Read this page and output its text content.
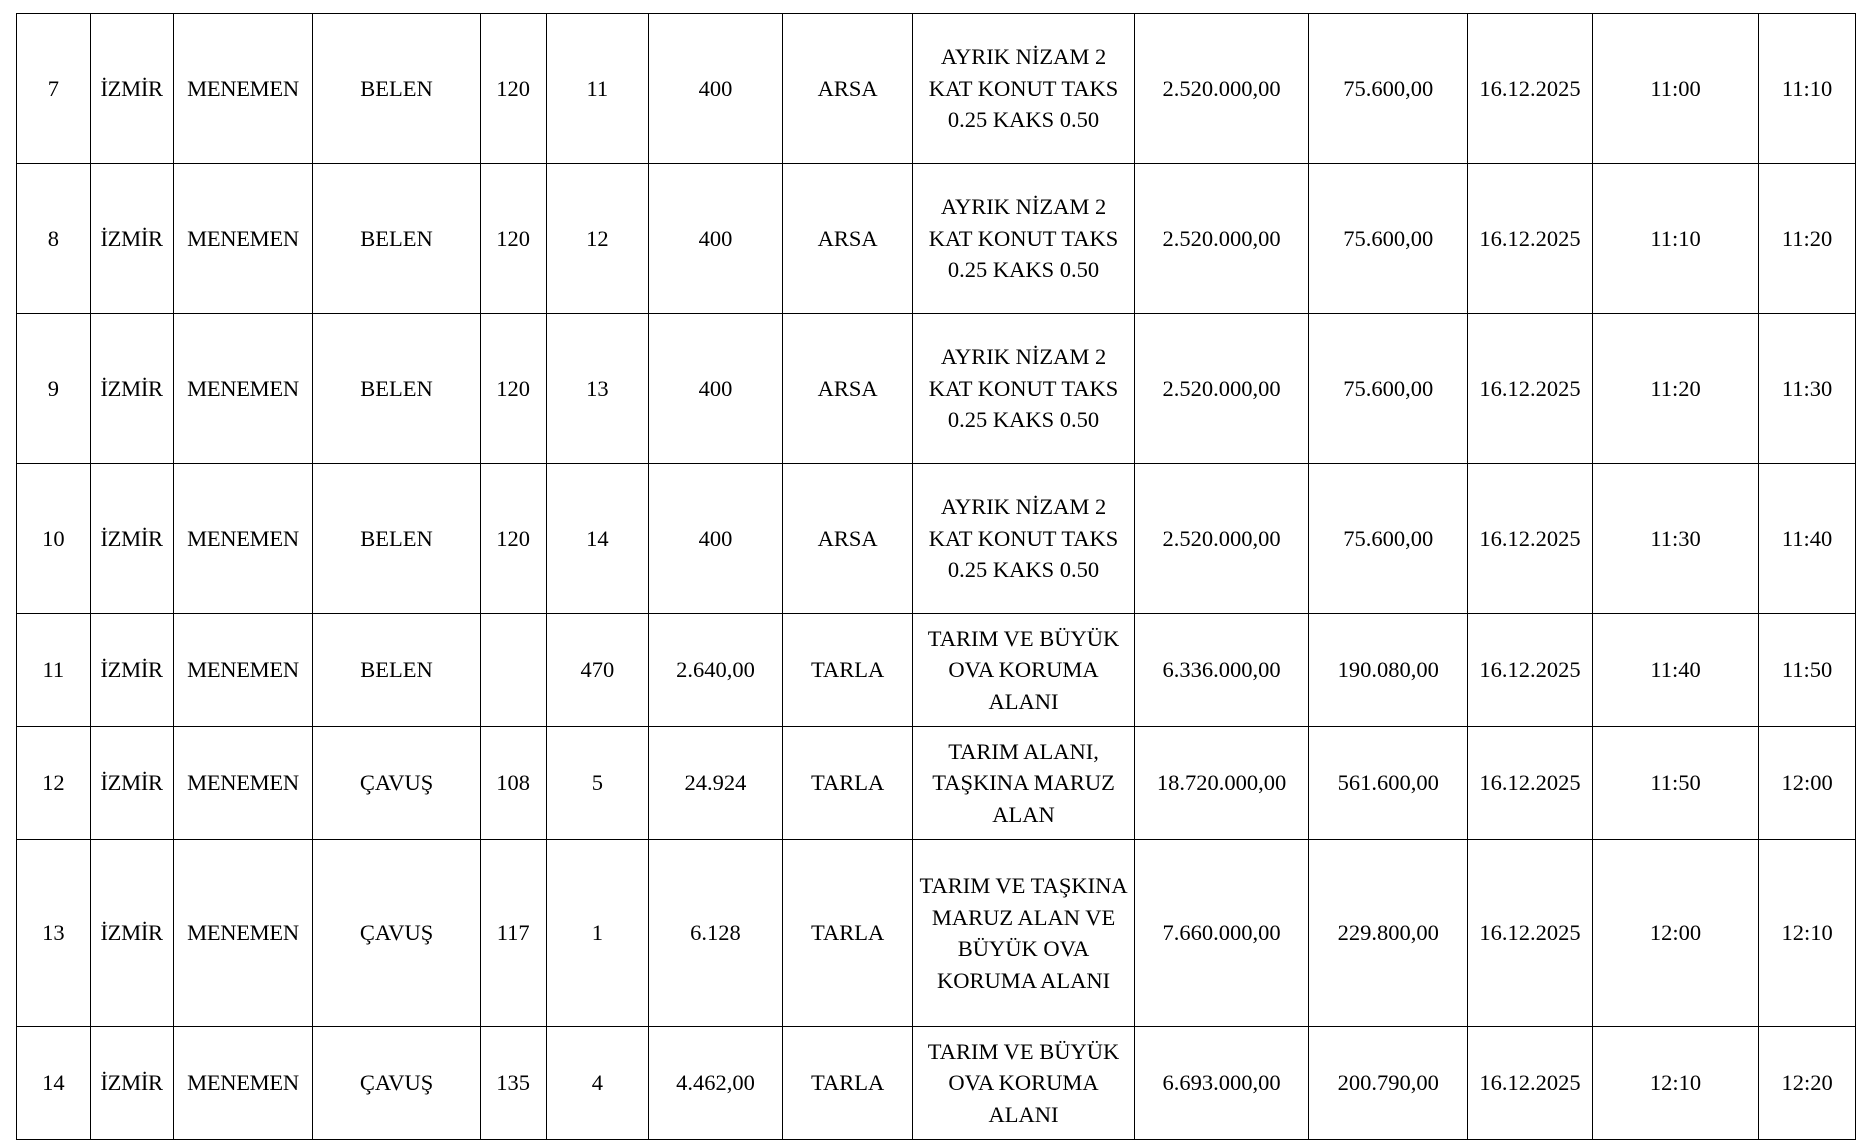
7	İZMİR	MENEMEN	BELEN	120	11	400	ARSA	AYRIK NİZAM 2 KAT KONUT TAKS 0.25 KAKS 0.50	2.520.000,00	75.600,00	16.12.2025	11:00	11:10
8	İZMİR	MENEMEN	BELEN	120	12	400	ARSA	AYRIK NİZAM 2 KAT KONUT TAKS 0.25 KAKS 0.50	2.520.000,00	75.600,00	16.12.2025	11:10	11:20
9	İZMİR	MENEMEN	BELEN	120	13	400	ARSA	AYRIK NİZAM 2 KAT KONUT TAKS 0.25 KAKS 0.50	2.520.000,00	75.600,00	16.12.2025	11:20	11:30
10	İZMİR	MENEMEN	BELEN	120	14	400	ARSA	AYRIK NİZAM 2 KAT KONUT TAKS 0.25 KAKS 0.50	2.520.000,00	75.600,00	16.12.2025	11:30	11:40
11	İZMİR	MENEMEN	BELEN		470	2.640,00	TARLA	TARIM VE BÜYÜK OVA KORUMA ALANI	6.336.000,00	190.080,00	16.12.2025	11:40	11:50
12	İZMİR	MENEMEN	ÇAVUŞ	108	5	24.924	TARLA	TARIM ALANI, TAŞKINA MARUZ ALAN	18.720.000,00	561.600,00	16.12.2025	11:50	12:00
13	İZMİR	MENEMEN	ÇAVUŞ	117	1	6.128	TARLA	TARIM VE TAŞKINA MARUZ ALAN VE BÜYÜK OVA KORUMA ALANI	7.660.000,00	229.800,00	16.12.2025	12:00	12:10
14	İZMİR	MENEMEN	ÇAVUŞ	135	4	4.462,00	TARLA	TARIM VE BÜYÜK OVA KORUMA ALANI	6.693.000,00	200.790,00	16.12.2025	12:10	12:20
